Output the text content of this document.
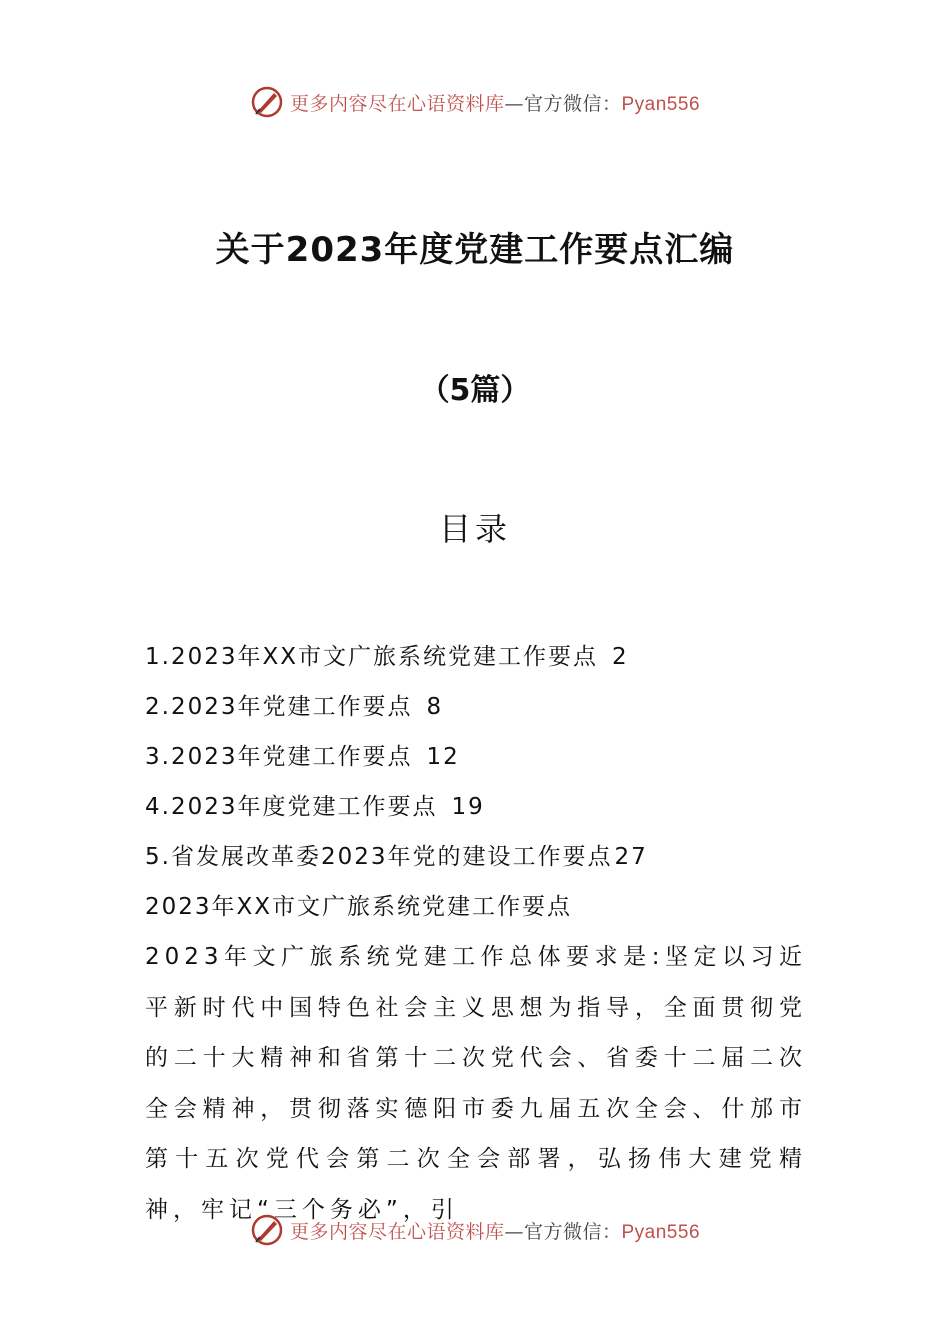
更多内容尽在心语资料库—官方微信：Pyan556
关于2023年度党建工作要点汇编
（5篇）
目录
1.2023年XX市文广旅系统党建工作要点 2
2.2023年党建工作要点 8
3.2023年党建工作要点 12
4.2023年度党建工作要点 19
5.省发展改革委2023年党的建设工作要点27
2023年XX市文广旅系统党建工作要点
2023年文广旅系统党建工作总体要求是:坚定以习近平新时代中国特色社会主义思想为指导，全面贯彻党的二十大精神和省第十二次党代会、省委十二届二次全会精神，贯彻落实德阳市委九届五次全会、什邡市第十五次党代会第二次全会部署，弘扬伟大建党精神，牢记“三个务必”，引
更多内容尽在心语资料库—官方微信：Pyan556
